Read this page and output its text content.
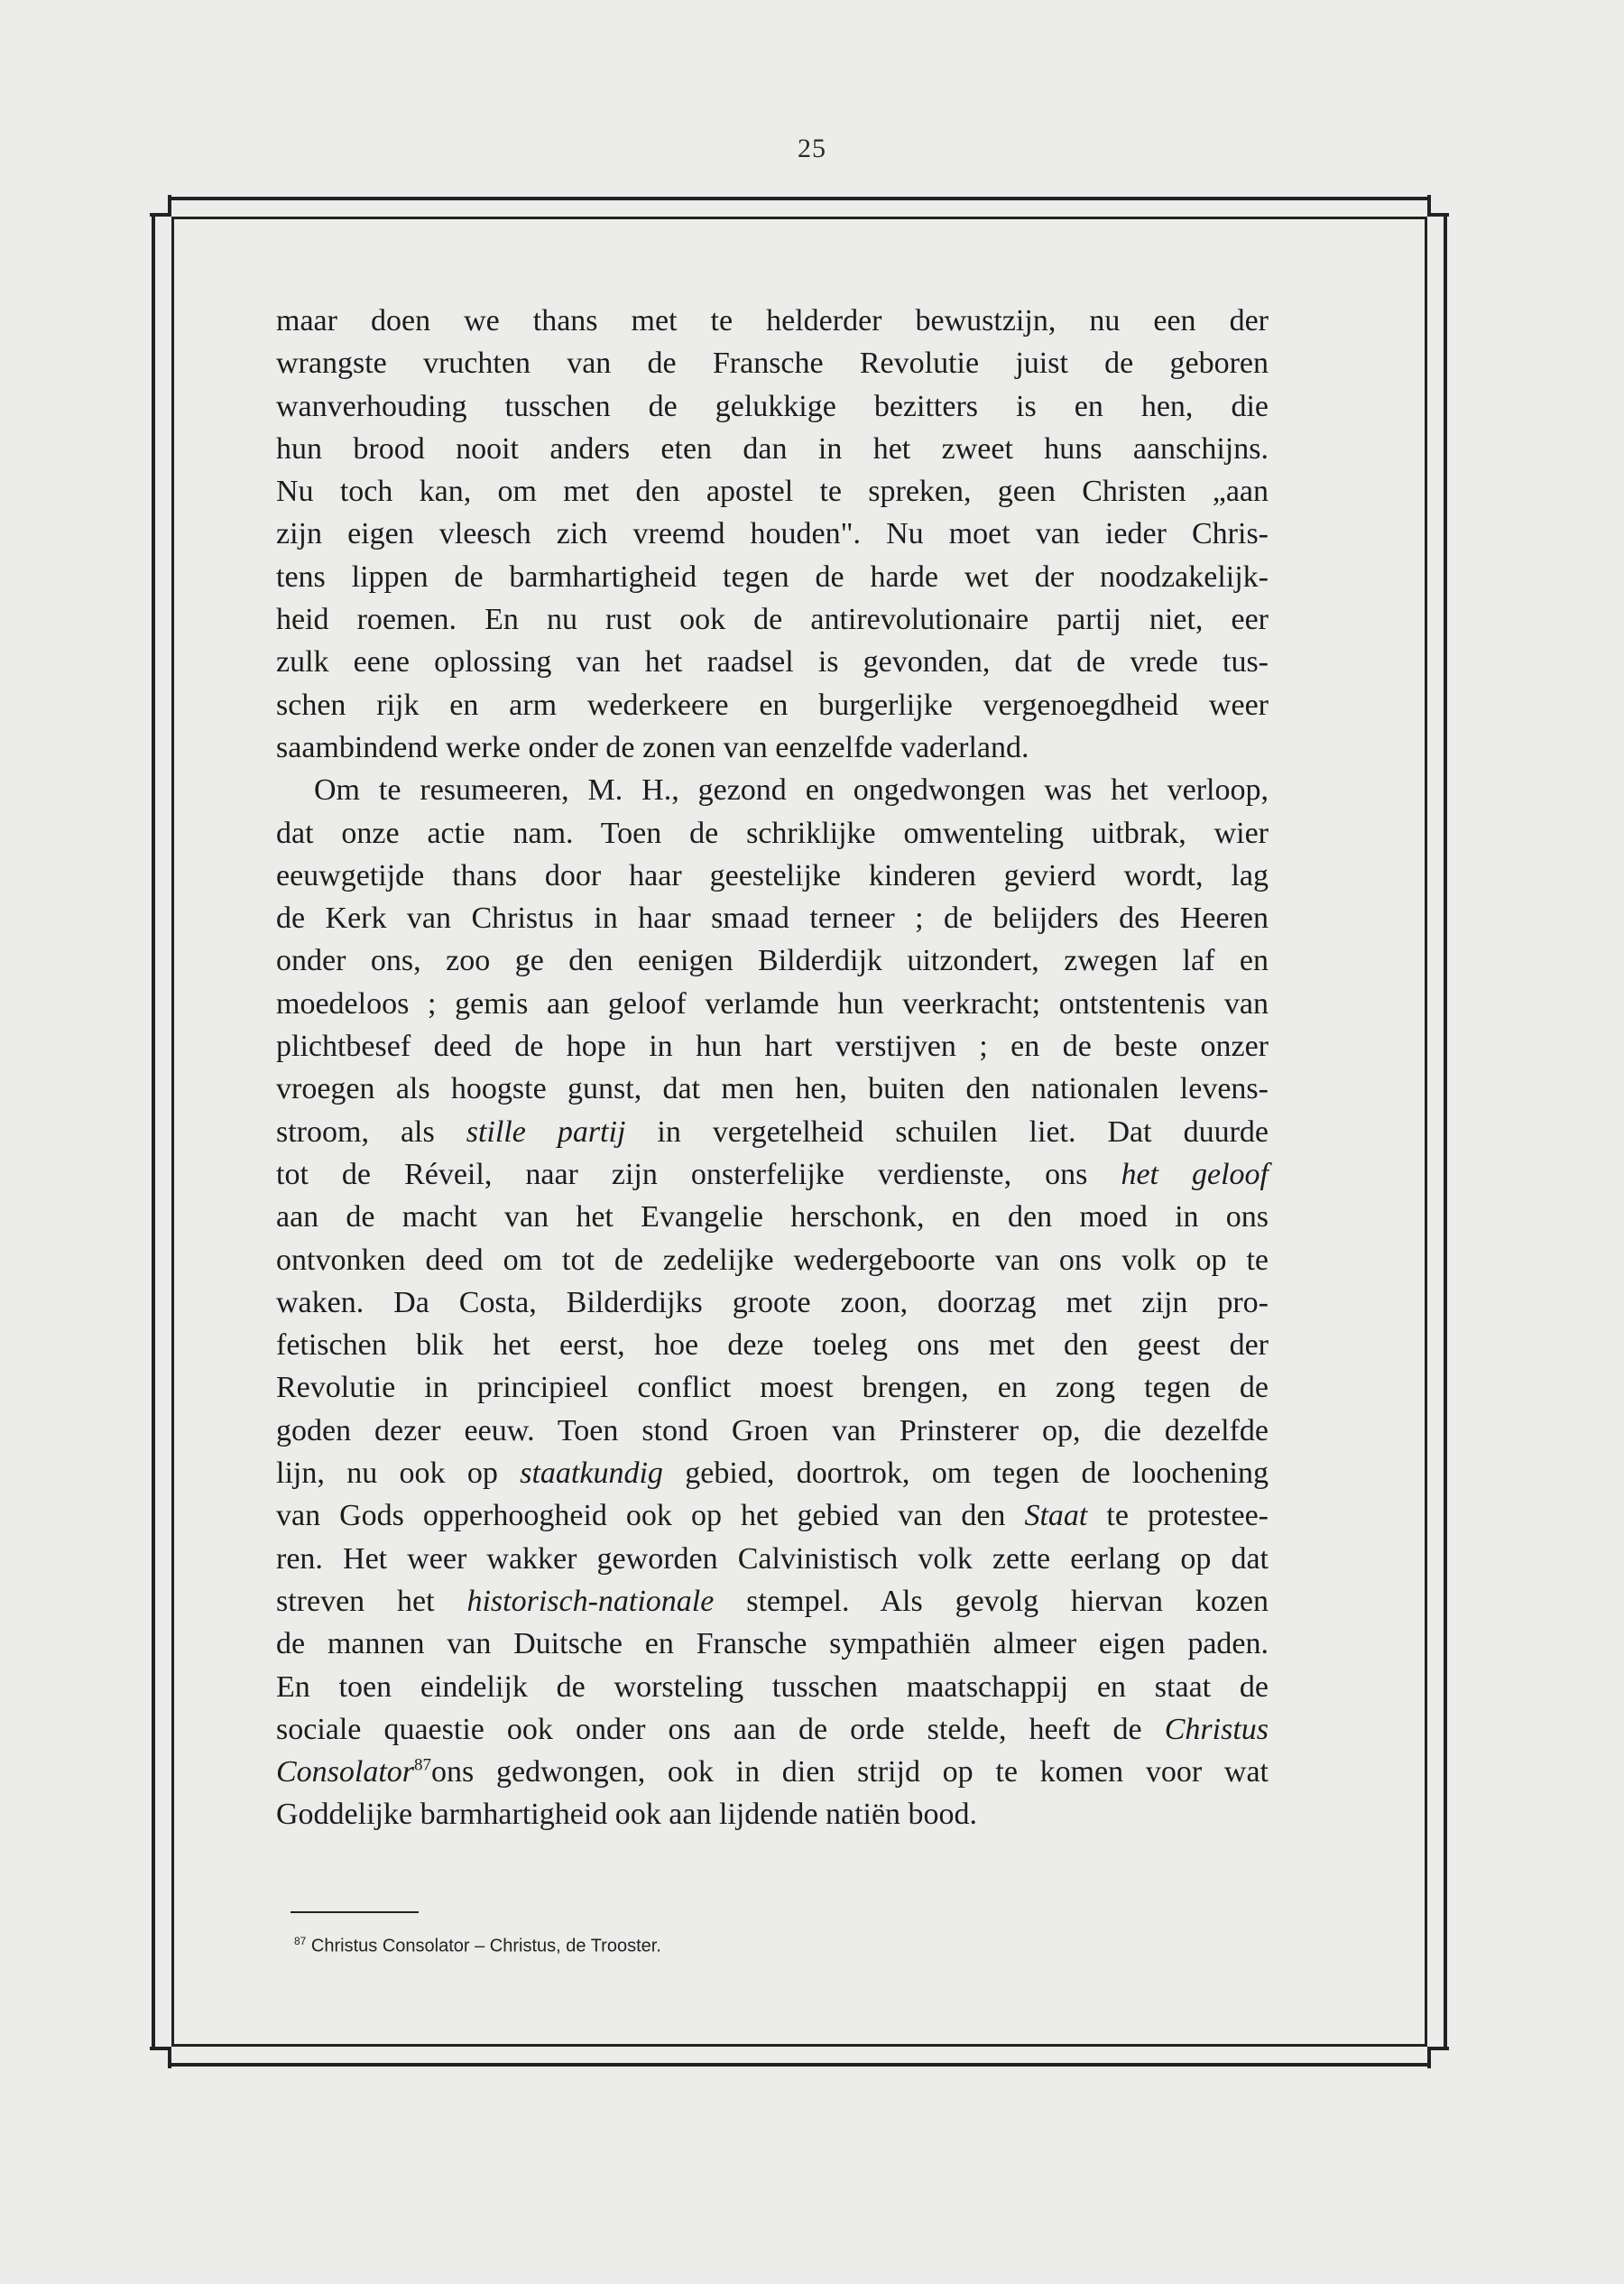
25
maar doen we thans met te helderder bewustzijn, nu een der
wrangste vruchten van de Fransche Revolutie juist de geboren
wanverhouding tusschen de gelukkige bezitters is en hen, die
hun brood nooit anders eten dan in het zweet huns aanschijns.
Nu toch kan, om met den apostel te spreken, geen Christen „aan
zijn eigen vleesch zich vreemd houden". Nu moet van ieder Chris-
tens lippen de barmhartigheid tegen de harde wet der noodzakelijk-
heid roemen. En nu rust ook de antirevolutionaire partij niet, eer
zulk eene oplossing van het raadsel is gevonden, dat de vrede tus-
schen rijk en arm wederkeere en burgerlijke vergenoegdheid weer
saambindend werke onder de zonen van eenzelfde vaderland.
Om te resumeeren, M. H., gezond en ongedwongen was het verloop,
dat onze actie nam. Toen de schriklijke omwenteling uitbrak, wier
eeuwgetijde thans door haar geestelijke kinderen gevierd wordt, lag
de Kerk van Christus in haar smaad terneer ; de belijders des Heeren
onder ons, zoo ge den eenigen Bilderdijk uitzondert, zwegen laf en
moedeloos ; gemis aan geloof verlamde hun veerkracht; ontstentenis van
plichtbesef deed de hope in hun hart verstijven ; en de beste onzer
vroegen als hoogste gunst, dat men hen, buiten den nationalen levens-
stroom, als stille partij in vergetelheid schuilen liet. Dat duurde
tot de Réveil, naar zijn onsterfelijke verdienste, ons het geloof
aan de macht van het Evangelie herschonk, en den moed in ons
ontvonken deed om tot de zedelijke wedergeboorte van ons volk op te
waken. Da Costa, Bilderdijks groote zoon, doorzag met zijn pro-
fetischen blik het eerst, hoe deze toeleg ons met den geest der
Revolutie in principieel conflict moest brengen, en zong tegen de
goden dezer eeuw. Toen stond Groen van Prinsterer op, die dezelfde
lijn, nu ook op staatkundig gebied, doortrok, om tegen de loochening
van Gods opperhoogheid ook op het gebied van den Staat te protestee-
ren. Het weer wakker geworden Calvinistisch volk zette eerlang op dat
streven het historisch-nationale stempel. Als gevolg hiervan kozen
de mannen van Duitsche en Fransche sympathiën almeer eigen paden.
En toen eindelijk de worsteling tusschen maatschappij en staat de
sociale quaestie ook onder ons aan de orde stelde, heeft de Christus
Consolator$^{87}$ons gedwongen, ook in dien strijd op te komen voor wat
Goddelijke barmhartigheid ook aan lijdende natiën bood.
$^{87}$ Christus Consolator – Christus, de Trooster.
